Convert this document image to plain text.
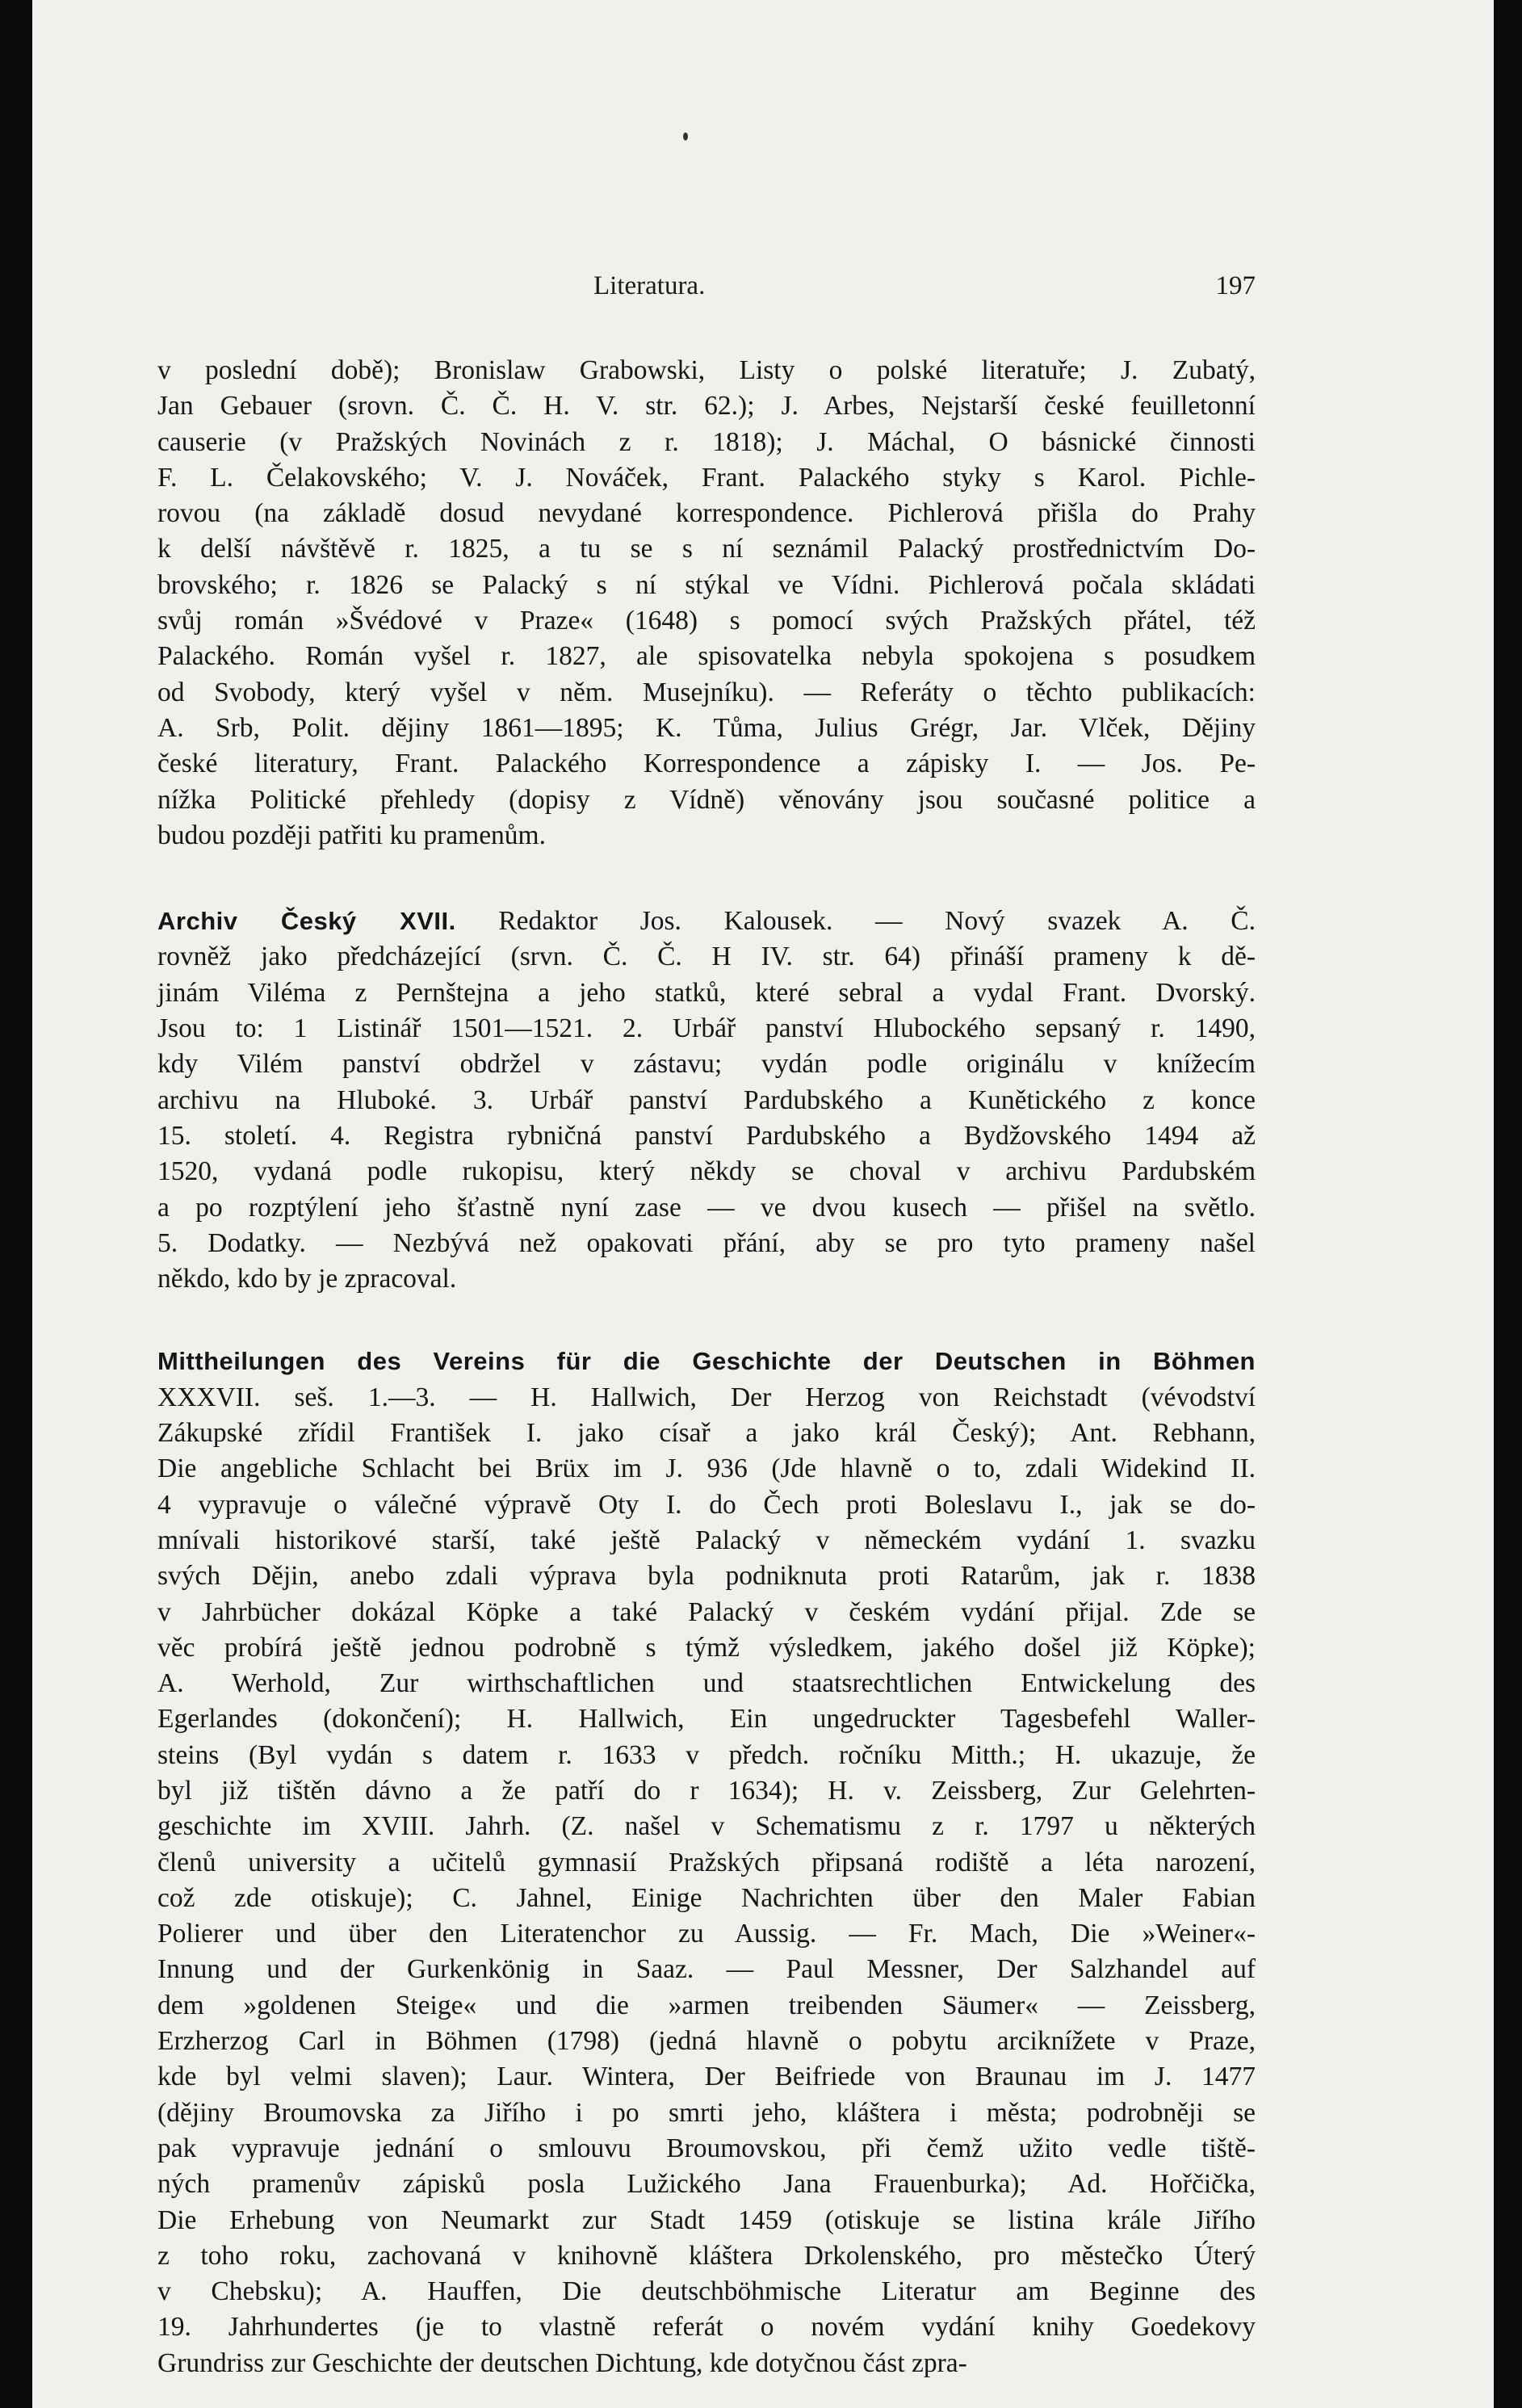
Literatura.	197
v poslední době); Bronislaw Grabowski, Listy o polské literatuře; J. Zubatý,
Jan Gebauer (srovn. Č. Č. H. V. str. 62.); J. Arbes, Nejstarší české feuilletonní
causerie (v Pražských Novinách z r. 1818); J. Máchal, O básnické činnosti
F. L. Čelakovského; V. J. Nováček, Frant. Palackého styky s Karol. Pichle-
rovou (na základě dosud nevydané korrespondence. Pichlerová přišla do Prahy
k delší návštěvě r. 1825, a tu se s ní seznámil Palacký prostřednictvím Do-
brovského; r. 1826 se Palacký s ní stýkal ve Vídni. Pichlerová počala skládati
svůj román »Švédové v Praze« (1648) s pomocí svých Pražských přátel, též
Palackého. Román vyšel r. 1827, ale spisovatelka nebyla spokojena s posudkem
od Svobody, který vyšel v něm. Musejníku). — Referáty o těchto publikacích:
A. Srb, Polit. dějiny 1861—1895; K. Tůma, Julius Grégr, Jar. Vlček, Dějiny
české literatury, Frant. Palackého Korrespondence a zápisky I. — Jos. Pe-
nížka Politické přehledy (dopisy z Vídně) věnovány jsou současné politice a
budou později patřiti ku pramenům.
Archiv Český XVII. Redaktor Jos. Kalousek. — Nový svazek A. Č.
rovněž jako předcházející (srvn. Č. Č. H IV. str. 64) přináší prameny k dě-
jinám Viléma z Pernštejna a jeho statků, které sebral a vydal Frant. Dvorský.
Jsou to: 1 Listinář 1501—1521. 2. Urbář panství Hlubockého sepsaný r. 1490,
kdy Vilém panství obdržel v zástavu; vydán podle originálu v knížecím
archivu na Hluboké. 3. Urbář panství Pardubského a Kunětického z konce
15. století. 4. Registra rybničná panství Pardubského a Bydžovského 1494 až
1520, vydaná podle rukopisu, který někdy se choval v archivu Pardubském
a po rozptýlení jeho šťastně nyní zase — ve dvou kusech — přišel na světlo.
5. Dodatky. — Nezbývá než opakovati přání, aby se pro tyto prameny našel
někdo, kdo by je zpracoval.
Mittheilungen des Vereins für die Geschichte der Deutschen in Böhmen
XXXVII. seš. 1.—3. — H. Hallwich, Der Herzog von Reichstadt (vévodství
Zákupské zřídil František I. jako císař a jako král Český); Ant. Rebhann,
Die angebliche Schlacht bei Brüx im J. 936 (Jde hlavně o to, zdali Widekind II.
4 vypravuje o válečné výpravě Oty I. do Čech proti Boleslavu I., jak se do-
mnívali historikové starší, také ještě Palacký v německém vydání 1. svazku
svých Dějin, anebo zdali výprava byla podniknuta proti Ratarům, jak r. 1838
v Jahrbücher dokázal Köpke a také Palacký v českém vydání přijal. Zde se
věc probírá ještě jednou podrobně s týmž výsledkem, jakého došel již Köpke);
A. Werhold, Zur wirthschaftlichen und staatsrechtlichen Entwickelung des
Egerlandes (dokončení); H. Hallwich, Ein ungedruckter Tagesbefehl Waller-
steins (Byl vydán s datem r. 1633 v předch. ročníku Mitth.; H. ukazuje, že
byl již tištěn dávno a že patří do r 1634); H. v. Zeissberg, Zur Gelehrten-
geschichte im XVIII. Jahrh. (Z. našel v Schematismu z r. 1797 u některých
členů university a učitelů gymnasií Pražských připsaná rodiště a léta narození,
což zde otiskuje); C. Jahnel, Einige Nachrichten über den Maler Fabian
Polierer und über den Literatenchor zu Aussig. — Fr. Mach, Die »Weiner«-
Innung und der Gurkenkönig in Saaz. — Paul Messner, Der Salzhandel auf
dem »goldenen Steige« und die »armen treibenden Säumer« — Zeissberg,
Erzherzog Carl in Böhmen (1798) (jedná hlavně o pobytu arciknížete v Praze,
kde byl velmi slaven); Laur. Wintera, Der Beifriede von Braunau im J. 1477
(dějiny Broumovska za Jiřího i po smrti jeho, kláštera i města; podrobněji se
pak vypravuje jednání o smlouvu Broumovskou, při čemž užito vedle tiště-
ných pramenův zápisků posla Lužického Jana Frauenburka); Ad. Hořčička,
Die Erhebung von Neumarkt zur Stadt 1459 (otiskuje se listina krále Jiřího
z toho roku, zachovaná v knihovně kláštera Drkolenského, pro městečko Úterý
v Chebsku); A. Hauffen, Die deutschböhmische Literatur am Beginne des
19. Jahrhundertes (je to vlastně referát o novém vydání knihy Goedekovy
Grundriss zur Geschichte der deutschen Dichtung, kde dotyčnou část zpra-
